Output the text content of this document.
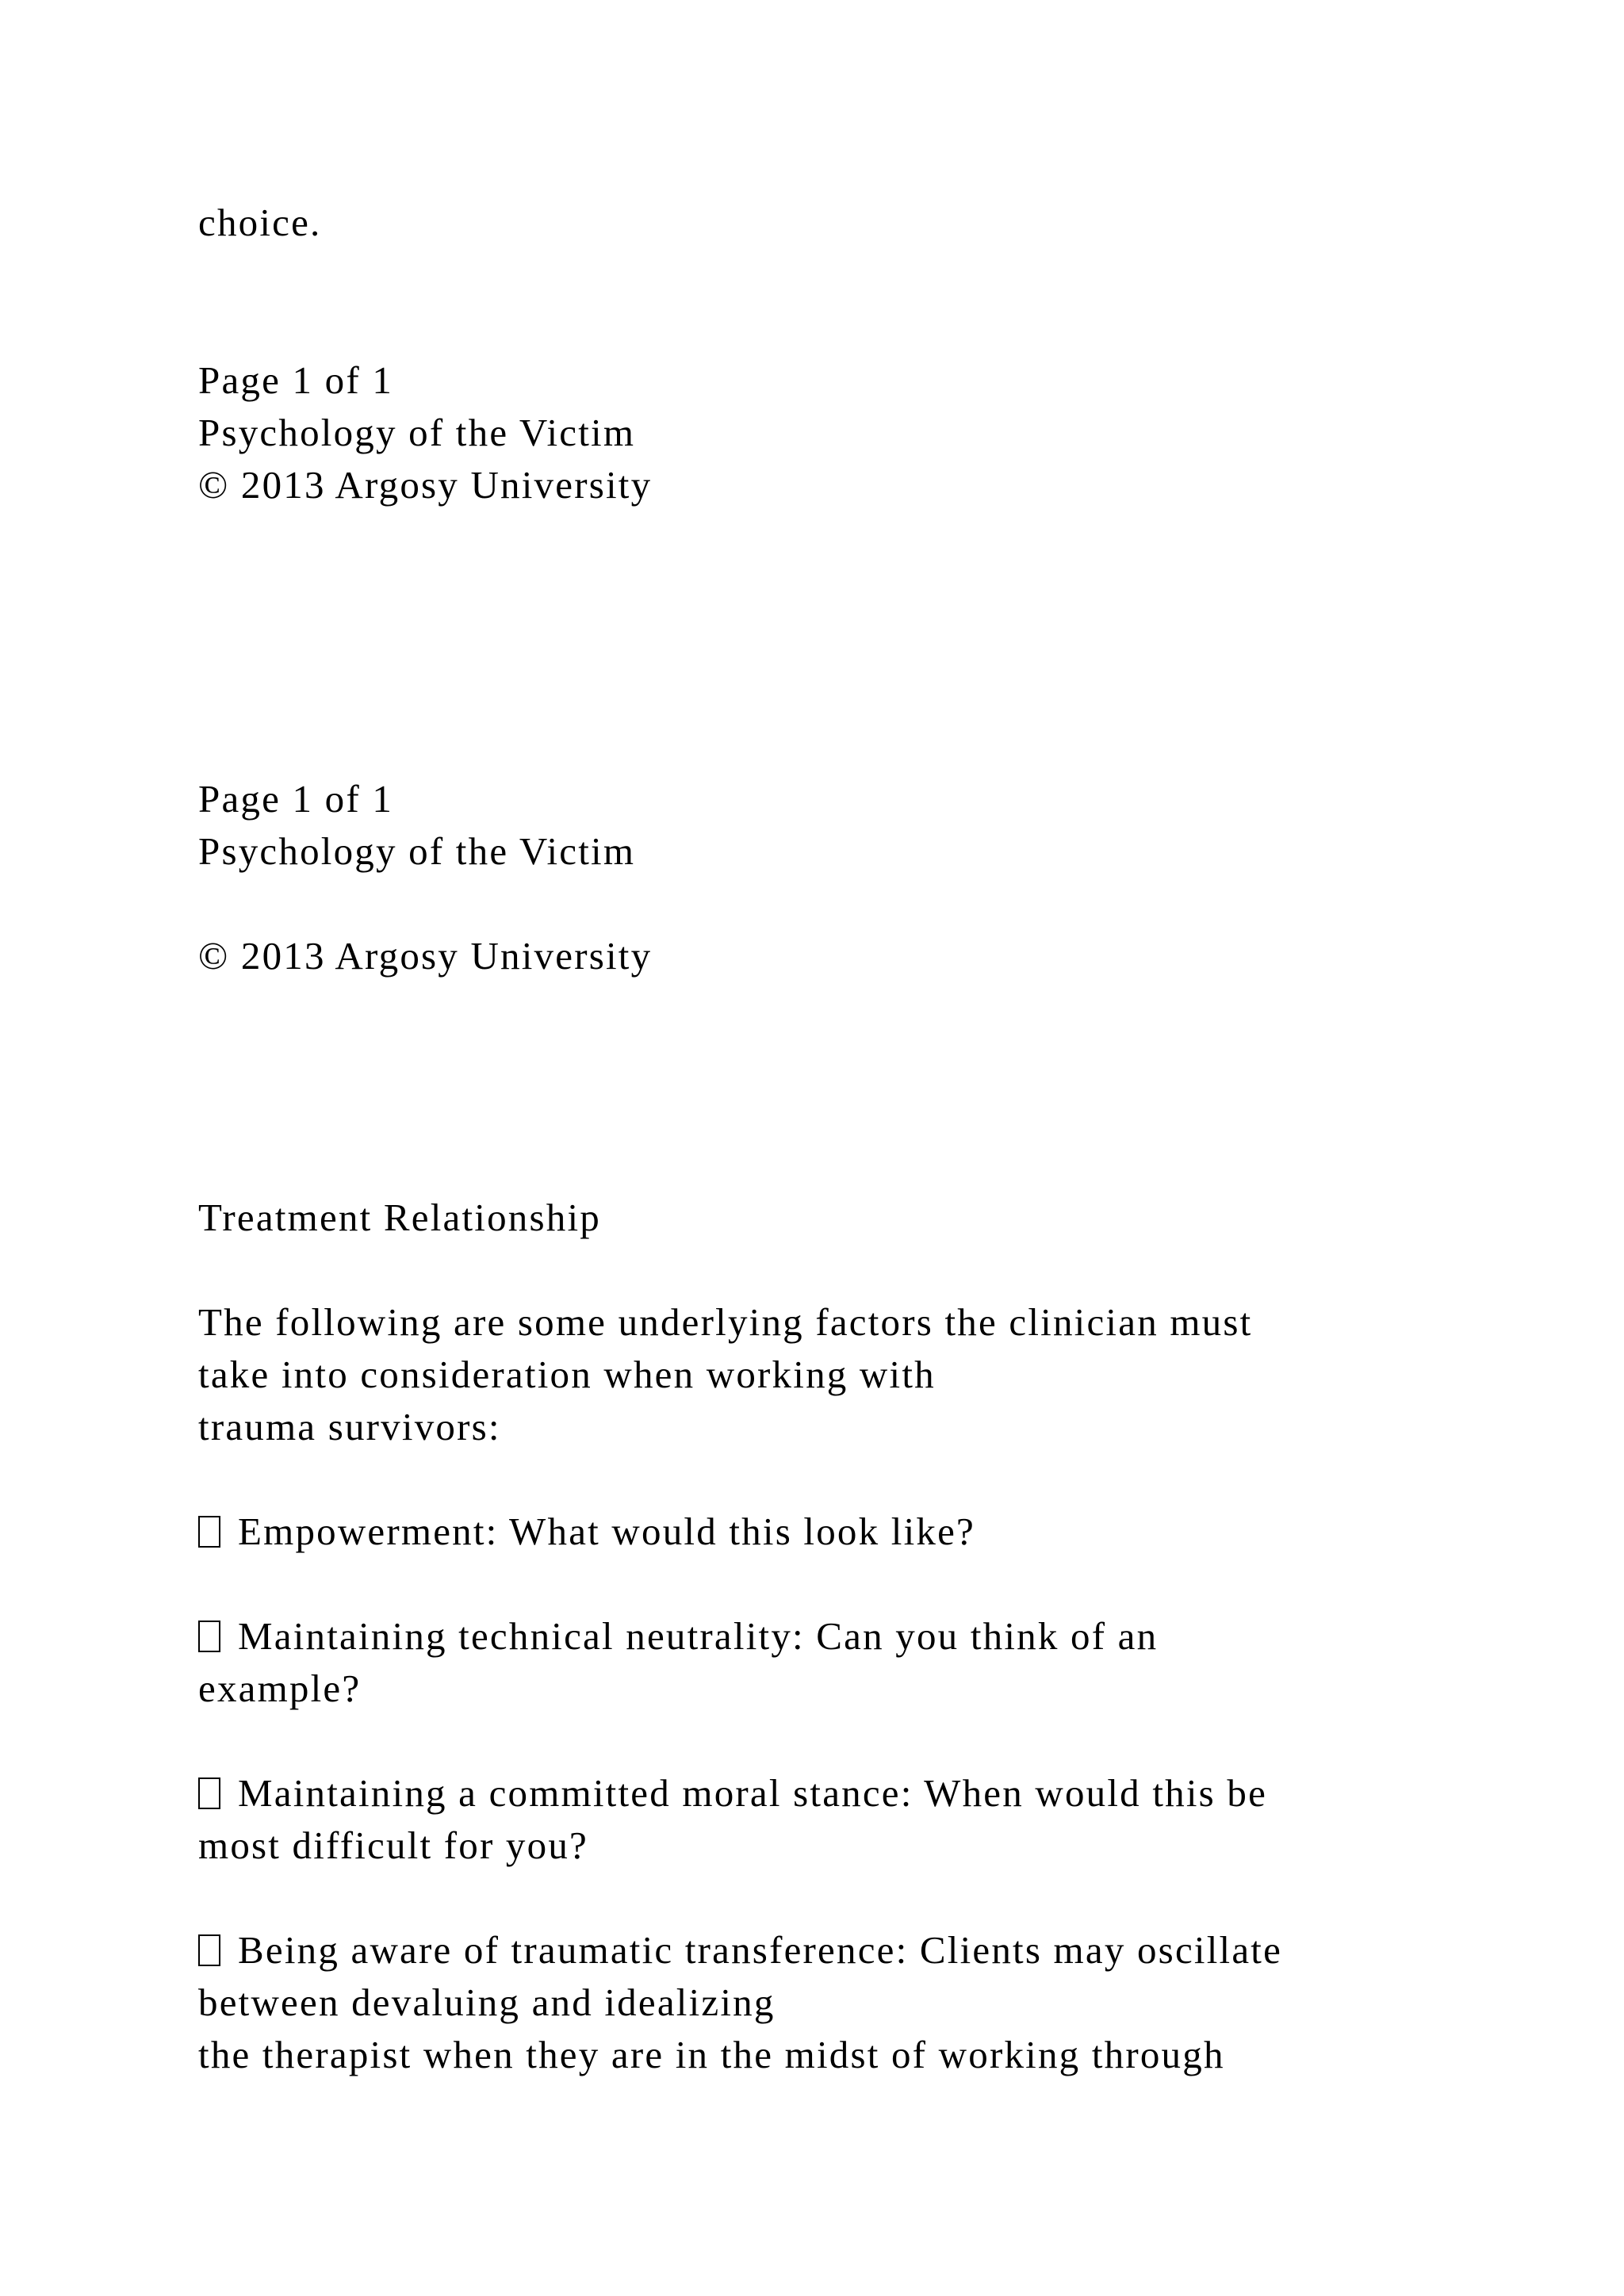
choice.

Page 1 of 1

Psychology of the Victim

© 2013 Argosy University

Page 1 of 1

Psychology of the Victim

© 2013 Argosy University

Treatment Relationship

The following are some underlying factors the clinician must

take into consideration when working with

trauma survivors:

Empowerment: What would this look like?

Maintaining technical neutrality: Can you think of an

example?

Maintaining a committed moral stance: When would this be

most difficult for you?

Being aware of traumatic transference: Clients may oscillate

between devaluing and idealizing

the therapist when they are in the midst of working through
